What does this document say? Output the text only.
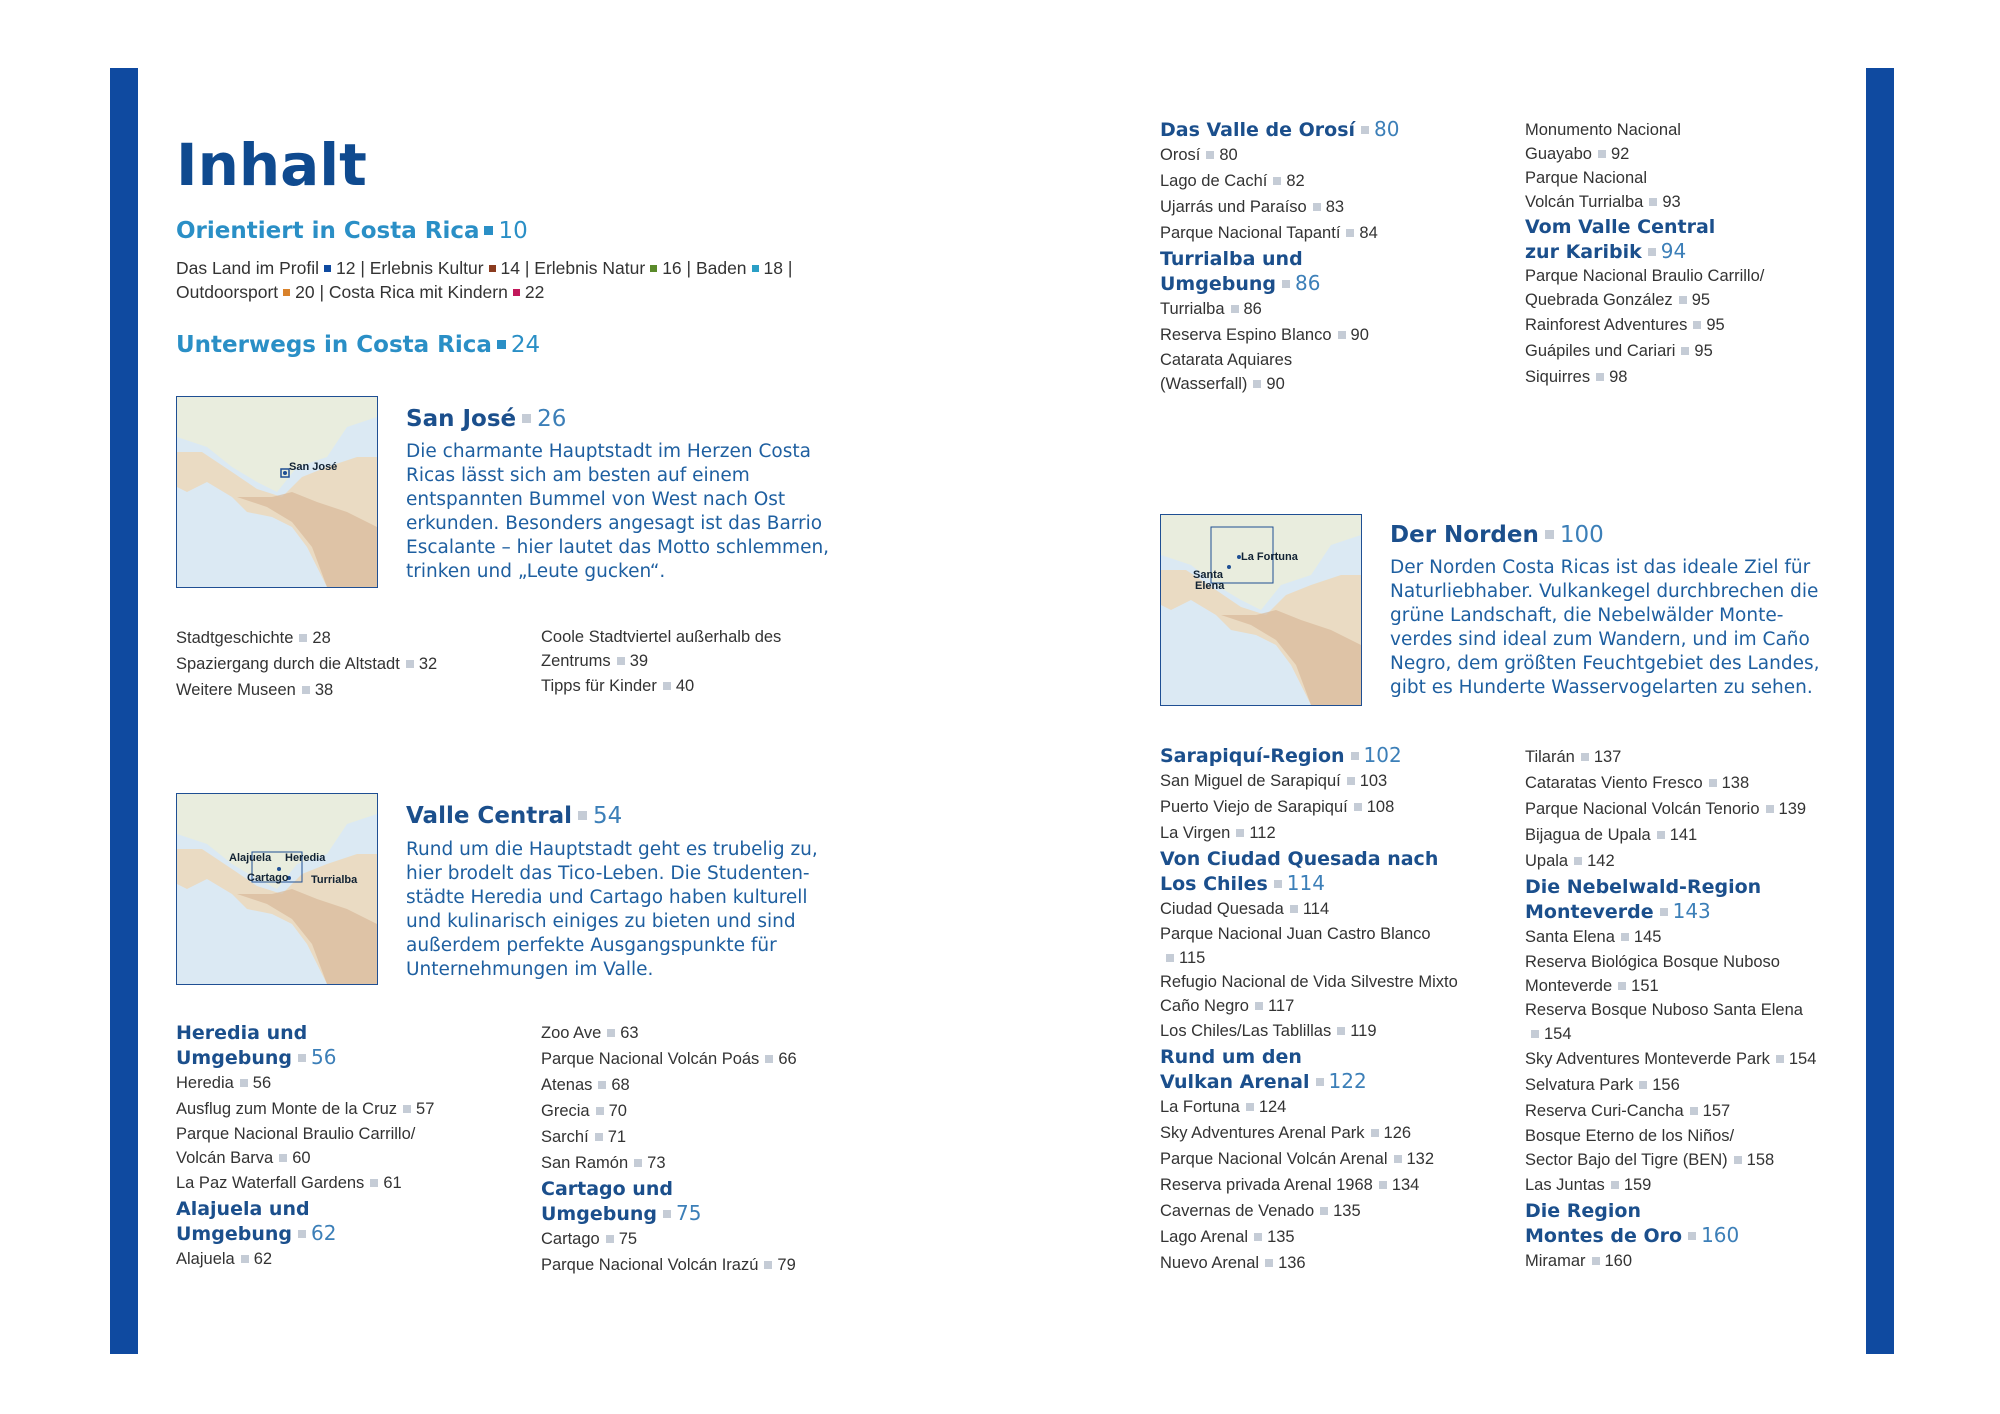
Inhalt
Orientiert in Costa Rica 10
Das Land im Profil 12 | Erlebnis Kultur 14 | Erlebnis Natur 16 | Baden 18 |
Outdoorsport 20 | Costa Rica mit Kindern 22
Unterwegs in Costa Rica 24
San José
San José 26
Die charmante Hauptstadt im Herzen Costa
Ricas lässt sich am besten auf einem
entspannten Bummel von West nach Ost
erkunden. Besonders angesagt ist das Barrio
Escalante – hier lautet das Motto schlemmen,
trinken und „Leute gucken“.
Stadtgeschichte 28
Spaziergang durch die Altstadt 32
Weitere Museen 38
Coole Stadtviertel außerhalb des
Zentrums 39
Tipps für Kinder 40
Alajuela Heredia
Cartago Turrialba
Valle Central 54
Rund um die Hauptstadt geht es trubelig zu,
hier brodelt das Tico-Leben. Die Studenten-
städte Heredia und Cartago haben kulturell
und kulinarisch einiges zu bieten und sind
außerdem perfekte Ausgangspunkte für
Unternehmungen im Valle.
Heredia und
Umgebung 56
Heredia 56
Ausflug zum Monte de la Cruz 57
Parque Nacional Braulio Carrillo/
Volcán Barva 60
La Paz Waterfall Gardens 61
Alajuela und
Umgebung 62
Alajuela 62
Zoo Ave 63
Parque Nacional Volcán Poás 66
Atenas 68
Grecia 70
Sarchí 71
San Ramón 73
Cartago und
Umgebung 75
Cartago 75
Parque Nacional Volcán Irazú 79
Das Valle de Orosí 80
Orosí 80
Lago de Cachí 82
Ujarrás und Paraíso 83
Parque Nacional Tapantí 84
Turrialba und
Umgebung 86
Turrialba 86
Reserva Espino Blanco 90
Catarata Aquiares
(Wasserfall) 90
Monumento Nacional
Guayabo 92
Parque Nacional
Volcán Turrialba 93
Vom Valle Central
zur Karibik 94
Parque Nacional Braulio Carrillo/
Quebrada González 95
Rainforest Adventures 95
Guápiles und Cariari 95
Siquirres 98
La Fortuna
Santa
Elena
Der Norden 100
Der Norden Costa Ricas ist das ideale Ziel für
Naturliebhaber. Vulkankegel durchbrechen die
grüne Landschaft, die Nebelwälder Monte-
verdes sind ideal zum Wandern, und im Caño
Negro, dem größten Feuchtgebiet des Landes,
gibt es Hunderte Wasservogelarten zu sehen.
Sarapiquí-Region 102
San Miguel de Sarapiquí 103
Puerto Viejo de Sarapiquí 108
La Virgen 112
Von Ciudad Quesada nach
Los Chiles 114
Ciudad Quesada 114
Parque Nacional Juan Castro Blanco
115
Refugio Nacional de Vida Silvestre Mixto
Caño Negro 117
Los Chiles/Las Tablillas 119
Rund um den
Vulkan Arenal 122
La Fortuna 124
Sky Adventures Arenal Park 126
Parque Nacional Volcán Arenal 132
Reserva privada Arenal 1968 134
Cavernas de Venado 135
Lago Arenal 135
Nuevo Arenal 136
Tilarán 137
Cataratas Viento Fresco 138
Parque Nacional Volcán Tenorio 139
Bijagua de Upala 141
Upala 142
Die Nebelwald-Region
Monteverde 143
Santa Elena 145
Reserva Biológica Bosque Nuboso
Monteverde 151
Reserva Bosque Nuboso Santa Elena
154
Sky Adventures Monteverde Park 154
Selvatura Park 156
Reserva Curi-Cancha 157
Bosque Eterno de los Niños/
Sector Bajo del Tigre (BEN) 158
Las Juntas 159
Die Region
Montes de Oro 160
Miramar 160
